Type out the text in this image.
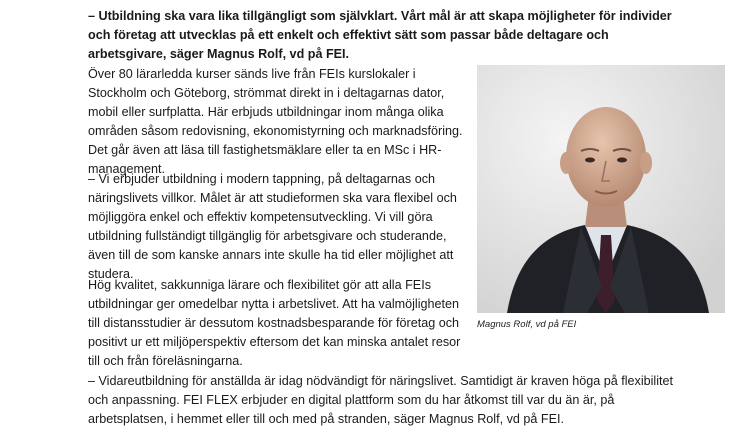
– Utbildning ska vara lika tillgängligt som självklart. Vårt mål är att skapa möjligheter för individer och företag att utvecklas på ett enkelt och effektivt sätt som passar både deltagare och arbetsgivare, säger Magnus Rolf, vd på FEI.

Över 80 lärarledda kurser sänds live från FEIs kurslokaler i Stockholm och Göteborg, strömmat direkt in i deltagarnas dator, mobil eller surfplatta. Här erbjuds utbildningar inom många olika områden såsom redovisning, ekonomistyrning och marknadsföring. Det går även att läsa till fastighetsmäklare eller ta en MSc i HR-management.

– Vi erbjuder utbildning i modern tappning, på deltagarnas och näringslivets villkor. Målet är att studieformen ska vara flexibel och möjliggöra enkel och effektiv kompetensutveckling. Vi vill göra utbildning fullständigt tillgänglig för arbetsgivare och studerande, även till de som kanske annars inte skulle ha tid eller möjlighet att studera.

Hög kvalitet, sakkunniga lärare och flexibilitet gör att alla FEIs utbildningar ger omedelbar nytta i arbetslivet. Att ha valmöjligheten till distansstudier är dessutom kostnadsbesparande för företag och positivt ur ett miljöperspektiv eftersom det kan minska antalet resor till och från föreläsningarna.

– Vidareutbildning för anställda är idag nödvändigt för näringslivet. Samtidigt är kraven höga på flexibilitet och anpassning. FEI FLEX erbjuder en digital plattform som du har åtkomst till var du än är, på arbetsplatsen, i hemmet eller till och med på stranden, säger Magnus Rolf, vd på FEI.

Magnus Rolf, vd på FEI
